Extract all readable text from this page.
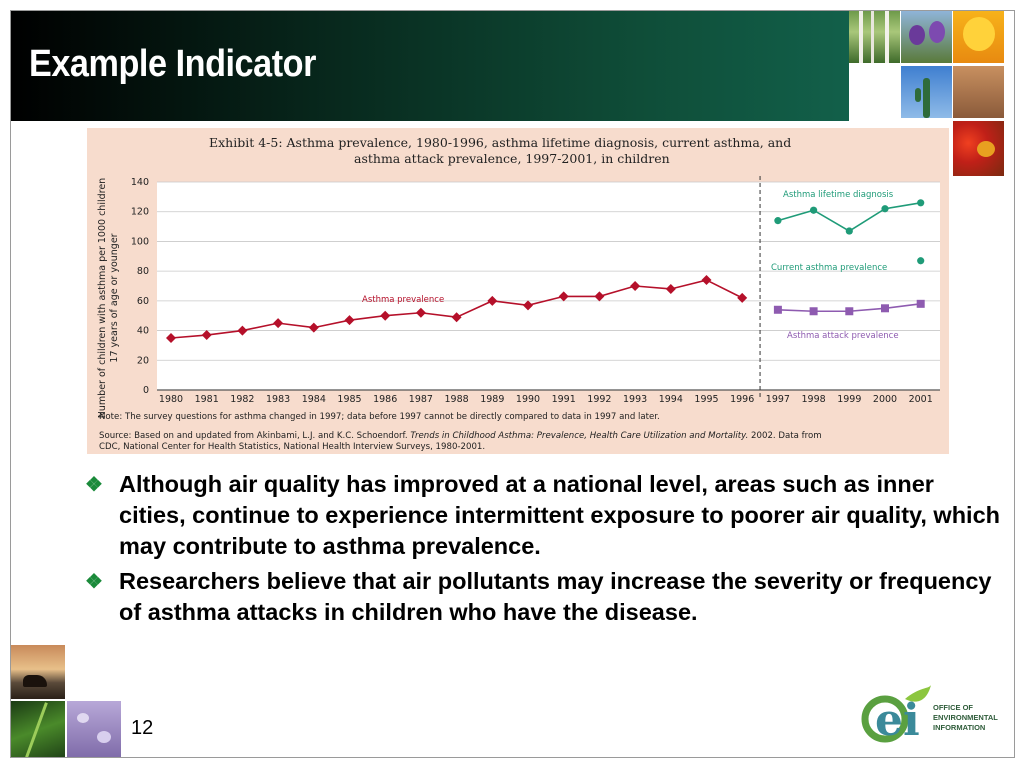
Example Indicator
Exhibit 4-5: Asthma prevalence, 1980-1996, asthma lifetime diagnosis, current asthma, and
asthma attack prevalence, 1997-2001, in children
Number of children with asthma per 1000 children 17 years of age or younger
1980 1981 1982 1983 1984 1985 1986 1987 1988 1989 1990 1991 1992 1993 1994 1995 1996 1997 1998 1999 2000 2001
0
20
40
60
80
100
120
140
Asthma prevalence
Asthma lifetime diagnosis
Current asthma prevalence
Asthma attack prevalence
Note: The survey questions for asthma changed in 1997; data before 1997 cannot be directly compared to data in 1997 and later.
Source: Based on and updated from Akinbami, L.J. and K.C. Schoendorf. Trends in Childhood Asthma: Prevalence, Health Care Utilization and Mortality. 2002. Data from
CDC, National Center for Health Statistics, National Health Interview Surveys, 1980-2001.
❖ Although air quality has improved at a national level, areas such as inner cities, continue to experience intermittent exposure to poorer air quality, which may contribute to asthma prevalence.
❖ Researchers believe that air pollutants may increase the severity or frequency of asthma attacks in children who have the disease.
12	ei OFFICE OF
ENVIRONMENTAL
INFORMATION
